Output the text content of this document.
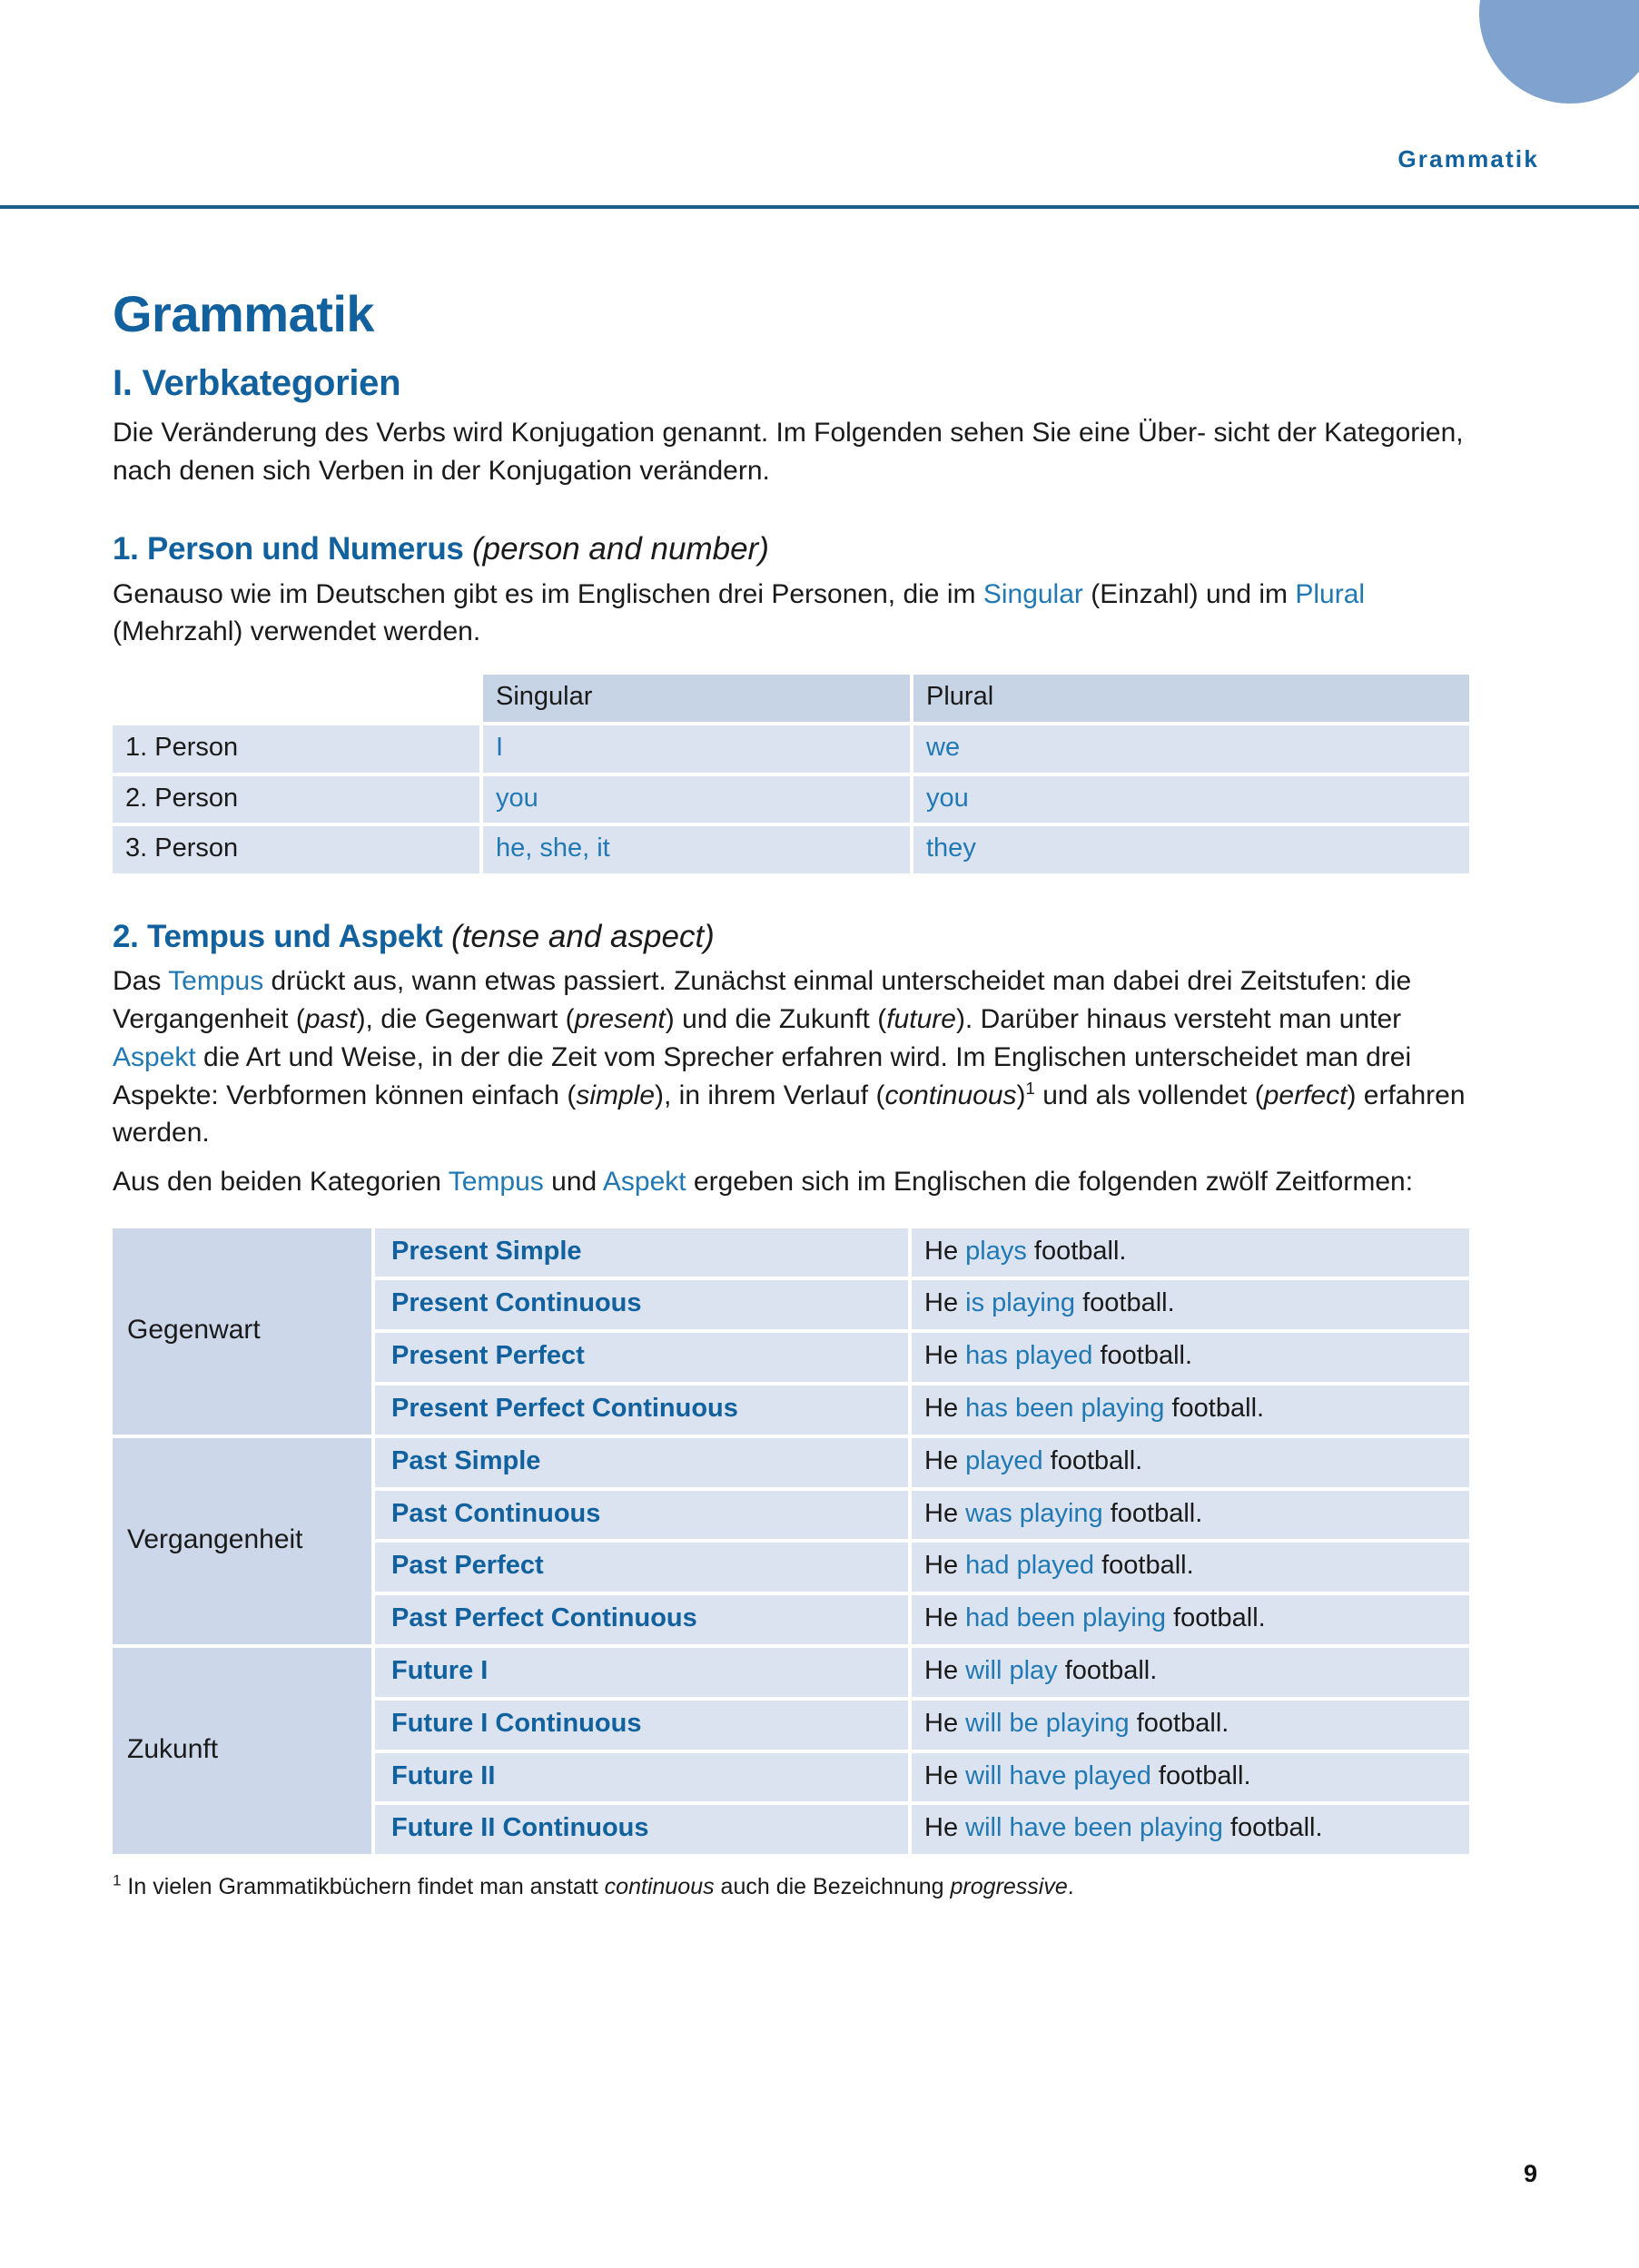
Grammatik
Grammatik
I. Verbkategorien

Die Veränderung des Verbs wird Konjugation genannt. Im Folgenden sehen Sie eine Über- sicht der Kategorien, nach denen sich Verben in der Konjugation verändern.

1. Person und Numerus (person and number)

Genauso wie im Deutschen gibt es im Englischen drei Personen, die im Singular (Einzahl) und im Plural (Mehrzahl) verwendet werden.

	Singular	Plural
1. Person	I	we
2. Person	you	you
3. Person	he, she, it	they
2. Tempus und Aspekt (tense and aspect)

Das Tempus drückt aus, wann etwas passiert. Zunächst einmal unterscheidet man dabei drei Zeitstufen: die Vergangenheit (past), die Gegenwart (present) und die Zukunft (future). Darüber hinaus versteht man unter Aspekt die Art und Weise, in der die Zeit vom Sprecher erfahren wird. Im Englischen unterscheidet man drei Aspekte: Verbformen können einfach (simple), in ihrem Verlauf (continuous)$^1$ und als vollendet (perfect) erfahren werden.

Aus den beiden Kategorien Tempus und Aspekt ergeben sich im Englischen die folgenden zwölf Zeitformen:

Gegenwart	Present Simple	He plays football.
	Present Continuous	He is playing football.
	Present Perfect	He has played football.
	Present Perfect Continuous	He has been playing football.
Vergangenheit	Past Simple	He played football.
	Past Continuous	He was playing football.
	Past Perfect	He had played football.
	Past Perfect Continuous	He had been playing football.
Zukunft	Future I	He will play football.
	Future I Continuous	He will be playing football.
	Future II	He will have played football.
	Future II Continuous	He will have been playing football.

$^1$ In vielen Grammatikbüchern findet man anstatt continuous auch die Bezeichnung progressive.

9
